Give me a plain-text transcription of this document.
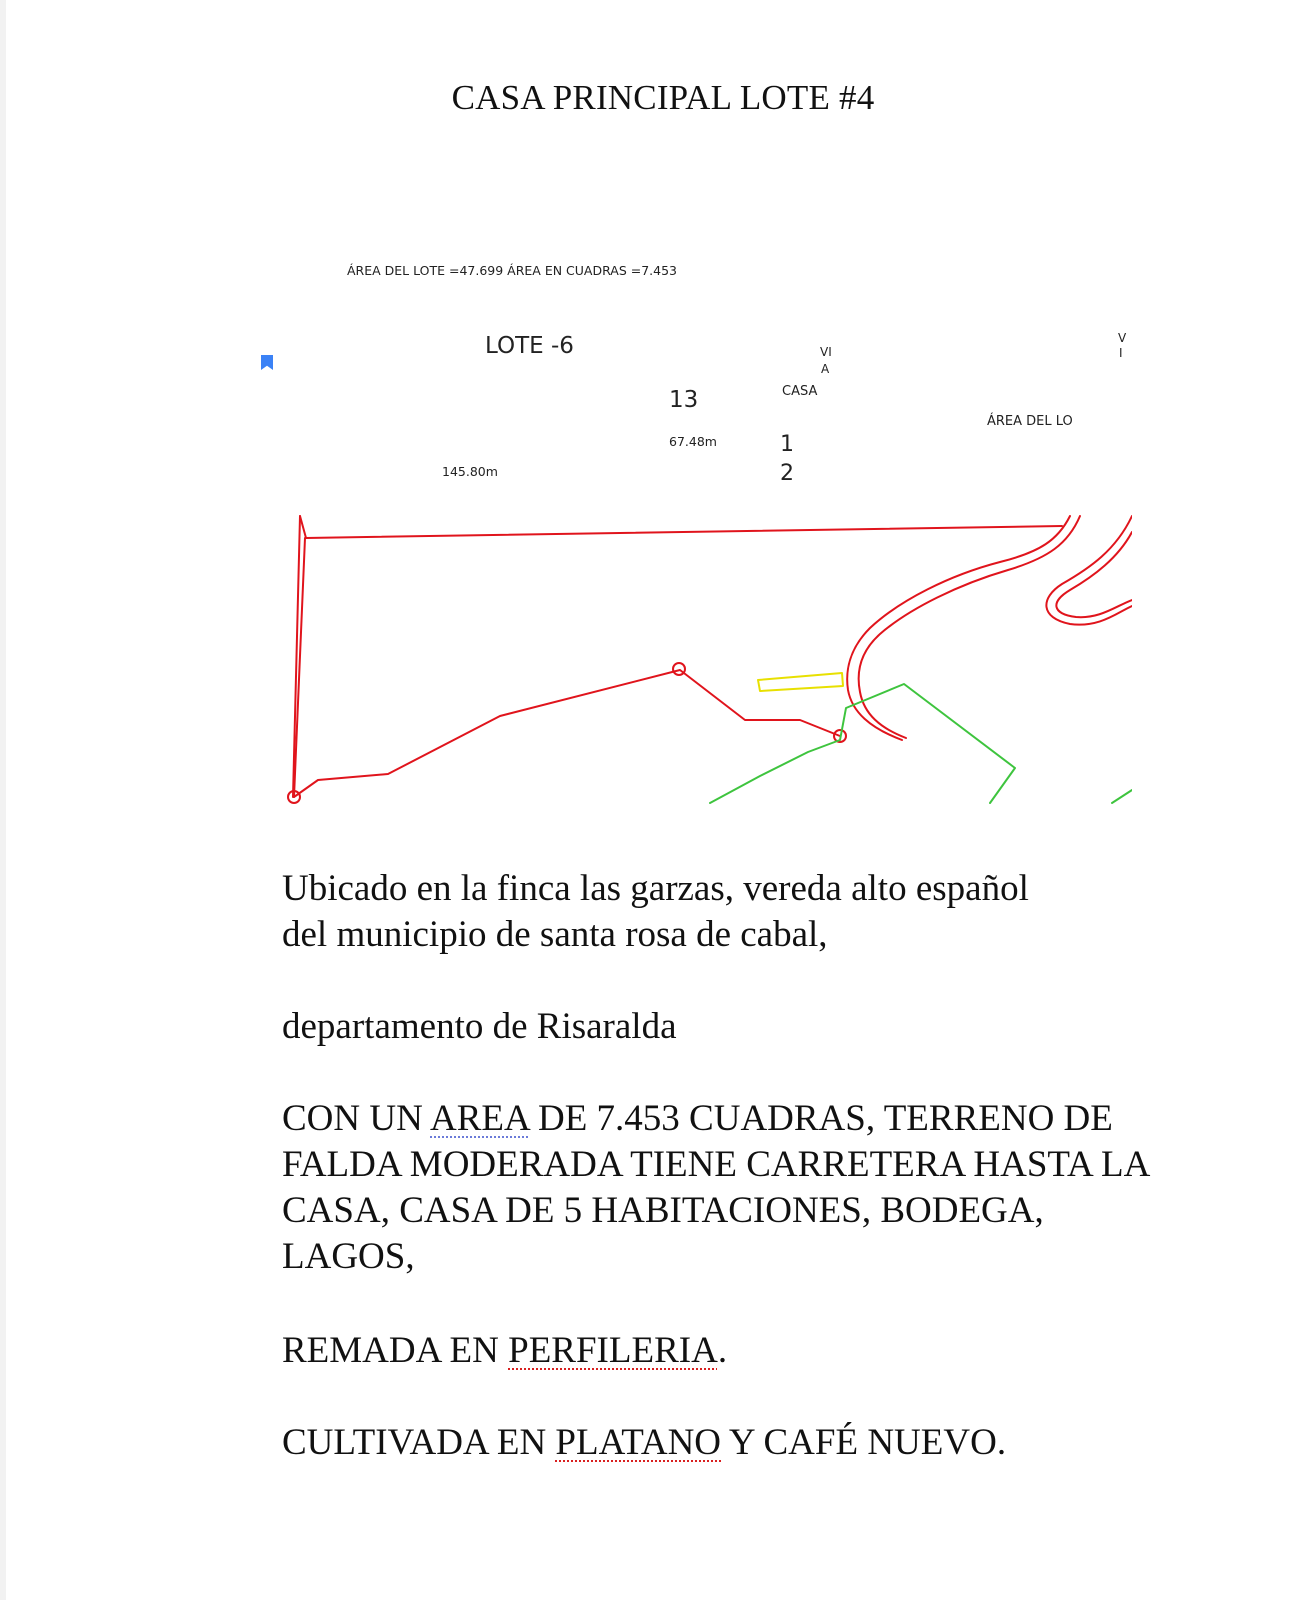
CASA PRINCIPAL LOTE #4
ÁREA DEL LOTE =47.699 ÁREA EN CUADRAS =7.453
LOTE -6
13
VI
A
CASA
V
I
ÁREA DEL LO
67.48m	1
2
145.80m
Ubicado en la finca las garzas, vereda alto español
del municipio de santa rosa de cabal,
departamento de Risaralda
CON UN AREA DE 7.453 CUADRAS, TERRENO DE FALDA MODERADA TIENE CARRETERA HASTA LA CASA, CASA DE 5 HABITACIONES, BODEGA, LAGOS,
REMADA EN PERFILERIA.
CULTIVADA EN PLATANO Y CAFÉ NUEVO.
